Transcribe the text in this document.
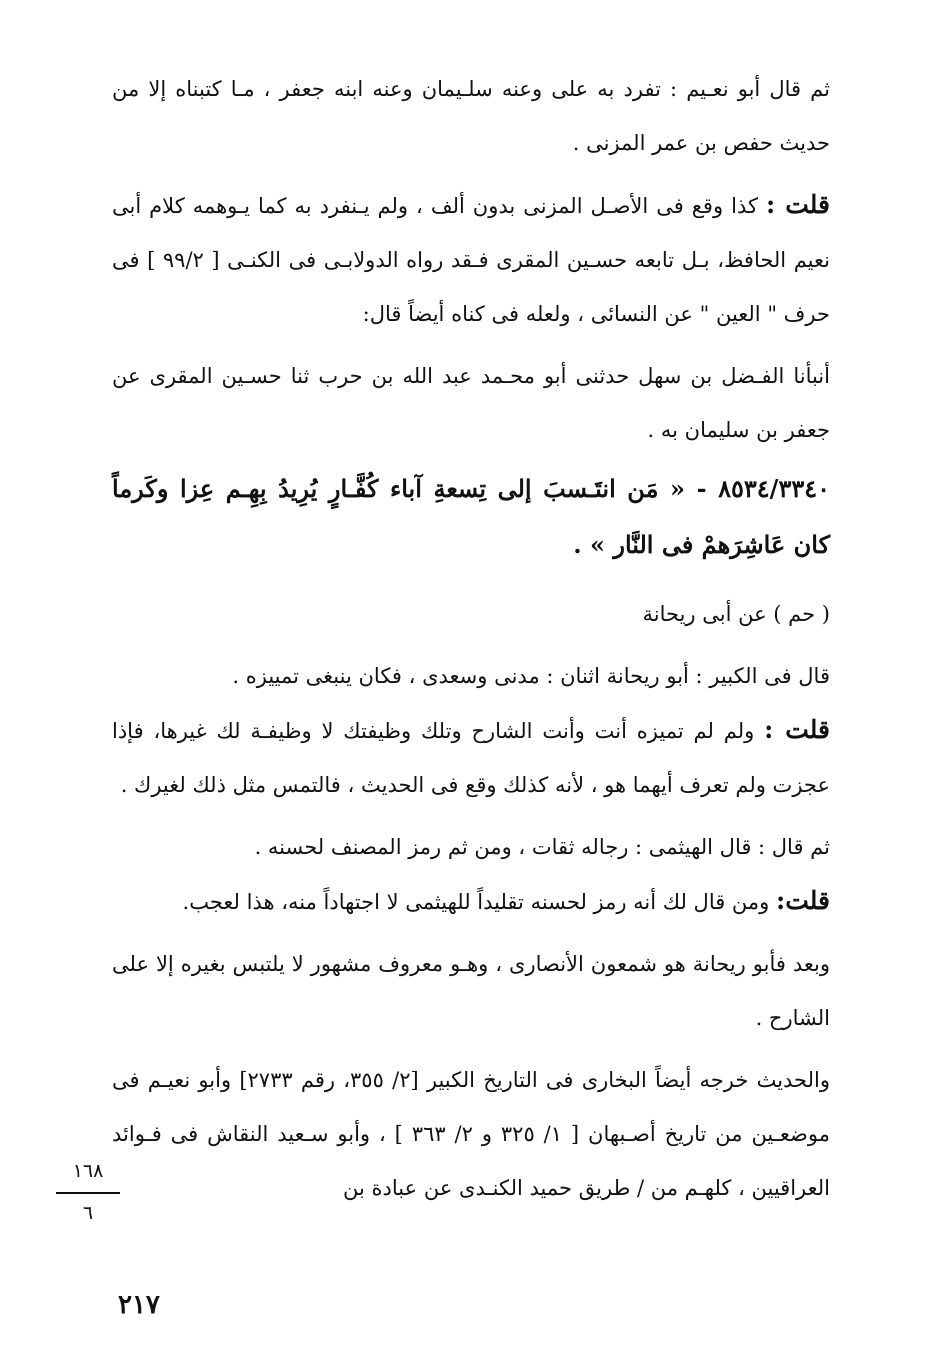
ثم قال أبو نعـيم : تفرد به على وعنه سلـيمان وعنه ابنه جعفر ، مـا كتبناه إلا من حديث حفص بن عمر المزنى .

قلت : كذا وقع فى الأصـل المزنى بدون ألف ، ولم يـنفرد به كما يـوهمه كلام أبى نعيم الحافظ، بـل تابعه حسـين المقرى فـقد رواه الدولابـى فى الكنـى [ ٩٩/٢ ] فى حرف " العين " عن النسائى ، ولعله فى كناه أيضاً قال:

أنبأنا الفـضل بن سهل حدثنى أبو محـمد عبد الله بن حرب ثنا حسـين المقرى عن جعفر بن سليمان به .

٨٥٣٤/٣٣٤٠ - « مَن انتَـسبَ إلى تِسعةِ آباء كُفَّـارٍ يُرِيدُ بِهِـم عِزا وكَرماً كان عَاشِرَهمْ فى النَّار » .

( حم ) عن أبى ريحانة

قال فى الكبير : أبو ريحانة اثنان : مدنى وسعدى ، فكان ينبغى تمييزه .

قلت : ولم لم تميزه أنت وأنت الشارح وتلك وظيفتك لا وظيفـة لك غيرها، فإذا عجزت ولم تعرف أيهما هو ، لأنه كذلك وقع فى الحديث ، فالتمس مثل ذلك لغيرك .

ثم قال : قال الهيثمى : رجاله ثقات ، ومن ثم رمز المصنف لحسنه .

قلت: ومن قال لك أنه رمز لحسنه تقليداً للهيثمى لا اجتهاداً منه، هذا لعجب.

وبعد فأبو ريحانة هو شمعون الأنصارى ، وهـو معروف مشهور لا يلتبس بغيره إلا على الشارح .

والحديث خرجه أيضاً البخارى فى التاريخ الكبير [٢/ ٣٥٥، رقم ٢٧٣٣] وأبو نعيـم فى موضعـين من تاريخ أصـبهان [ ١/ ٣٢٥ و ٢/ ٣٦٣ ] ، وأبو سـعيد النقاش فى فـوائد العراقيين ، كلهـم من / طريق حميد الكنـدى عن عبادة بن

١٦٨
٦
٢١٧
